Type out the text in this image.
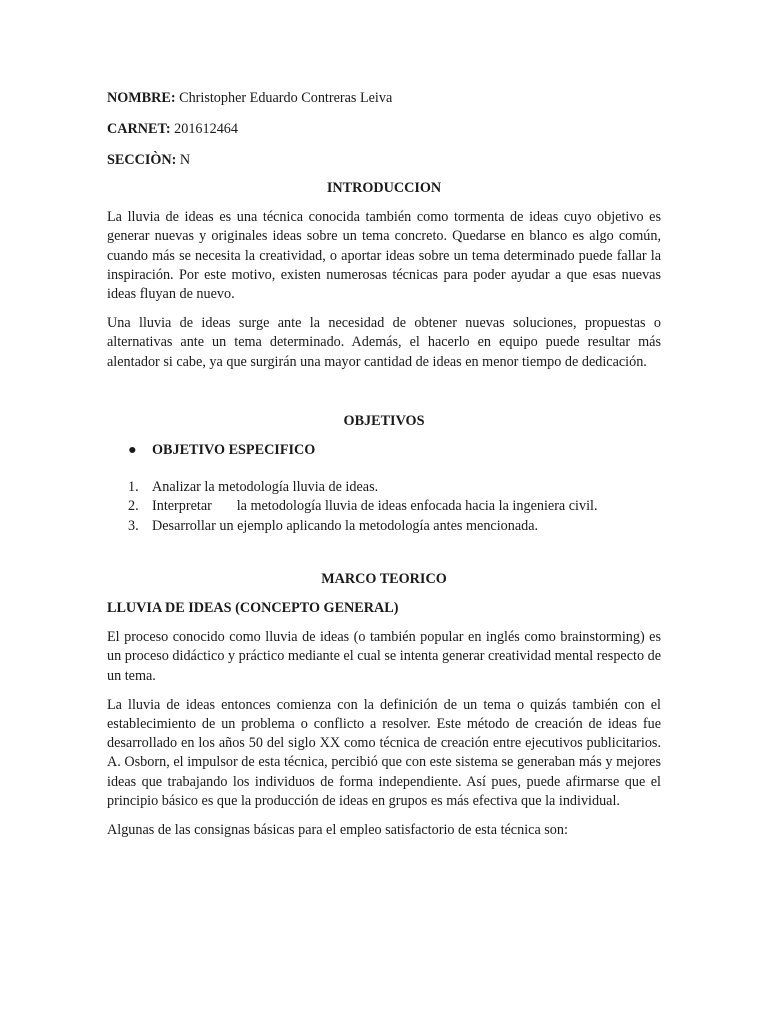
NOMBRE: Christopher Eduardo Contreras Leiva
CARNET: 201612464
SECCIÒN: N
INTRODUCCION

La lluvia de ideas es una técnica conocida también como tormenta de ideas cuyo objetivo es generar nuevas y originales ideas sobre un tema concreto. Quedarse en blanco es algo común, cuando más se necesita la creatividad, o aportar ideas sobre un tema determinado puede fallar la inspiración. Por este motivo, existen numerosas técnicas para poder ayudar a que esas nuevas ideas fluyan de nuevo.

Una lluvia de ideas surge ante la necesidad de obtener nuevas soluciones, propuestas o alternativas ante un tema determinado. Además, el hacerlo en equipo puede resultar más alentador si cabe, ya que surgirán una mayor cantidad de ideas en menor tiempo de dedicación.

OBJETIVOS
●	OBJETIVO ESPECIFICO
1. Analizar la metodología lluvia de ideas.
2. Interpretar       la metodología lluvia de ideas enfocada hacia la ingeniera civil.
3. Desarrollar un ejemplo aplicando la metodología antes mencionada.
MARCO TEORICO
LLUVIA DE IDEAS (CONCEPTO GENERAL)

El proceso conocido como lluvia de ideas (o también popular en inglés como brainstorming) es un proceso didáctico y práctico mediante el cual se intenta generar creatividad mental respecto de un tema.

La lluvia de ideas entonces comienza con la definición de un tema o quizás también con el establecimiento de un problema o conflicto a resolver. Este método de creación de ideas fue desarrollado en los años 50 del siglo XX como técnica de creación entre ejecutivos publicitarios. A. Osborn, el impulsor de esta técnica, percibió que con este sistema se generaban más y mejores ideas que trabajando los individuos de forma independiente. Así pues, puede afirmarse que el principio básico es que la producción de ideas en grupos es más efectiva que la individual.

Algunas de las consignas básicas para el empleo satisfactorio de esta técnica son:
